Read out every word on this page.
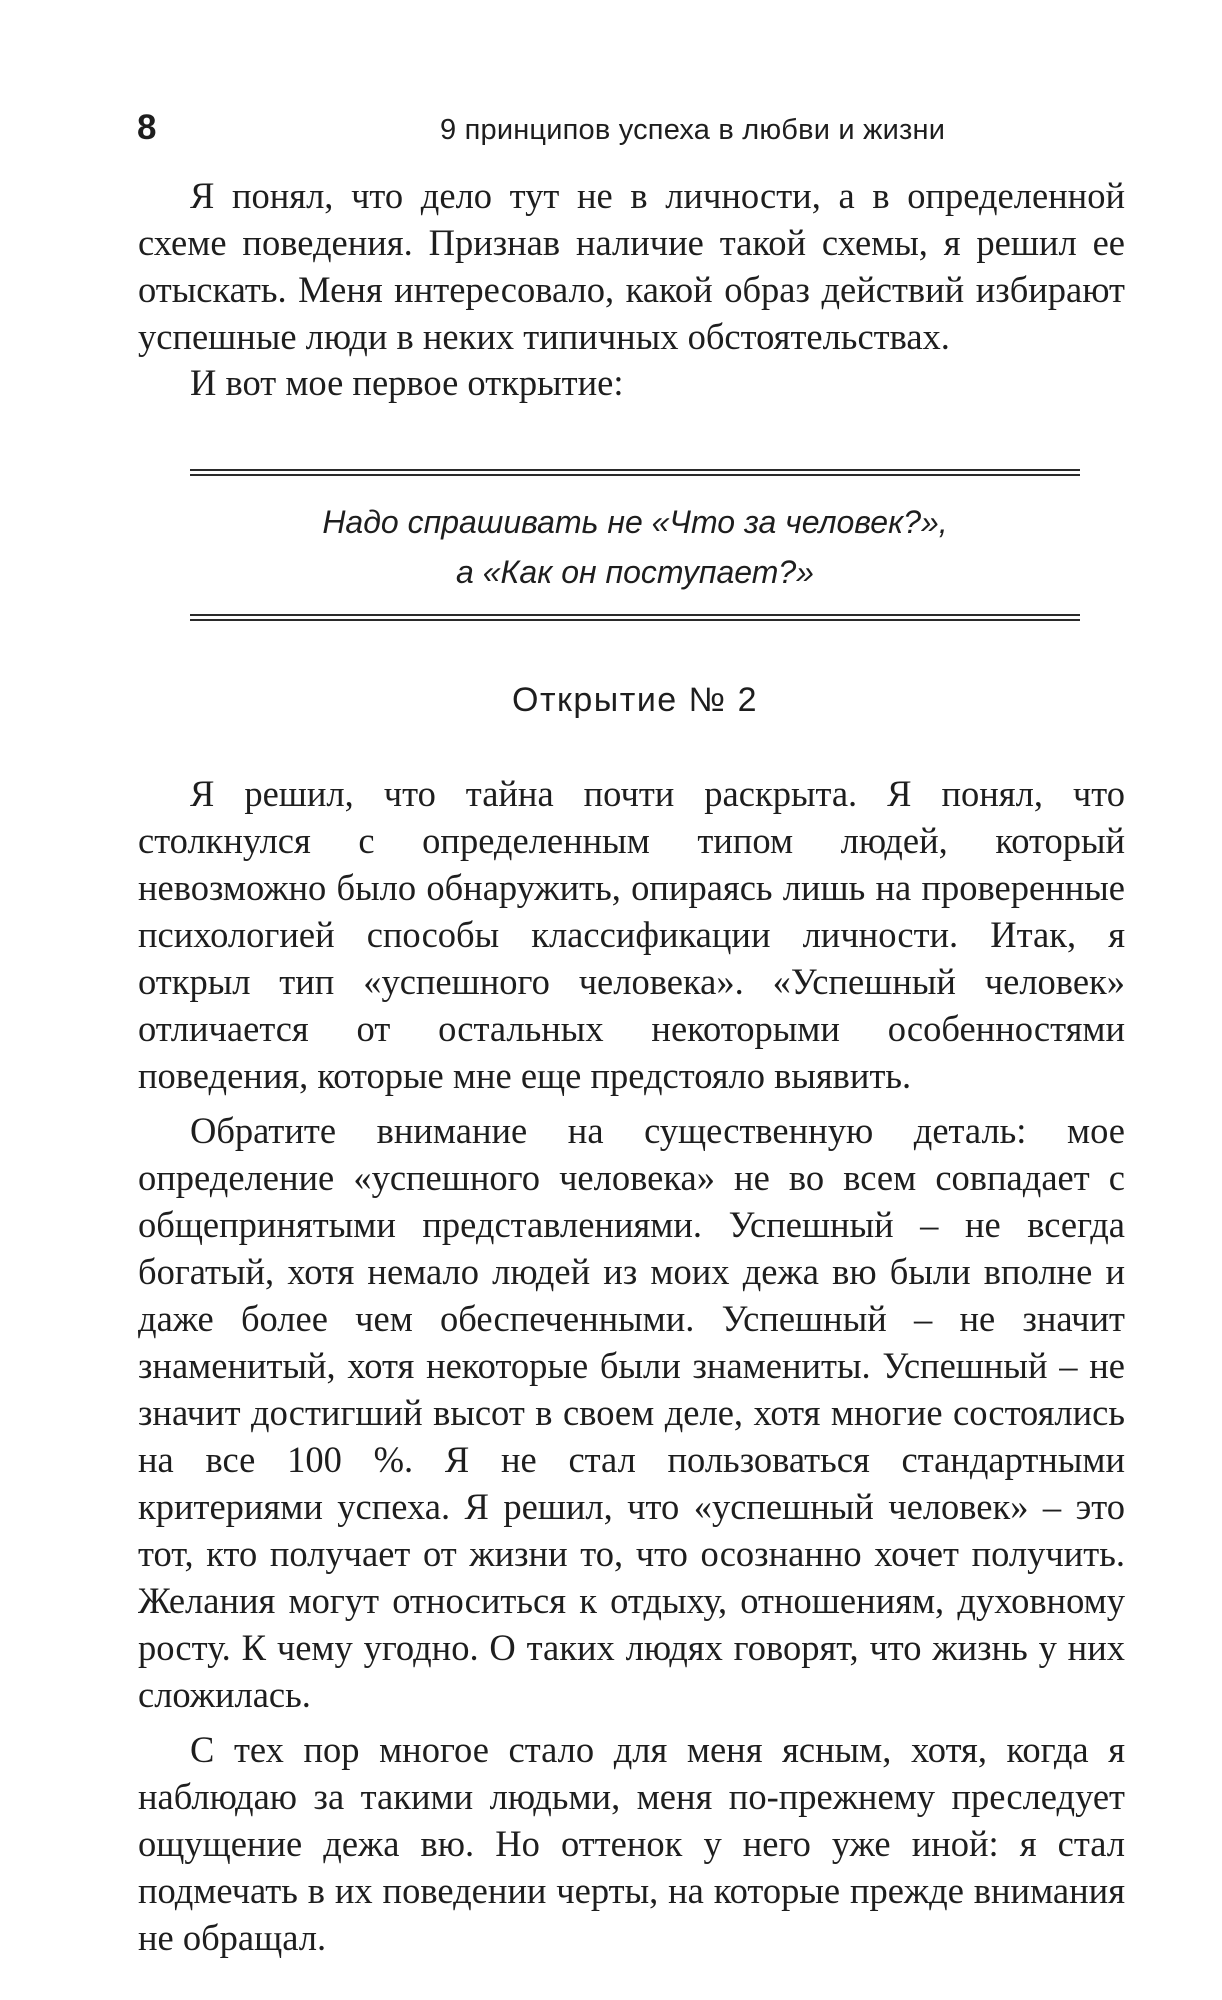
8	9 принципов успеха в любви и жизни

Я понял, что дело тут не в личности, а в определенной схеме поведения. Признав наличие такой схемы, я решил ее отыскать. Меня интересовало, какой образ действий избирают успешные люди в неких типичных обстоятельствах.

И вот мое первое открытие:

Надо спрашивать не «Что за человек?»,
а «Как он поступает?»

Открытие № 2

Я решил, что тайна почти раскрыта. Я понял, что столкнулся с определенным типом людей, который невозможно было обнаружить, опираясь лишь на проверенные психологией способы классификации личности. Итак, я открыл тип «успешного человека». «Успешный человек» отличается от остальных некоторыми особенностями поведения, которые мне еще предстояло выявить.

Обратите внимание на существенную деталь: мое определение «успешного человека» не во всем совпадает с общепринятыми представлениями. Успешный – не всегда богатый, хотя немало людей из моих дежа вю были вполне и даже более чем обеспеченными. Успешный – не значит знаменитый, хотя некоторые были знамениты. Успешный – не значит достигший высот в своем деле, хотя многие состоялись на все 100 %. Я не стал пользоваться стандартными критериями успеха. Я решил, что «успешный человек» – это тот, кто получает от жизни то, что осознанно хочет получить. Желания могут относиться к отдыху, отношениям, духовному росту. К чему угодно. О таких людях говорят, что жизнь у них сложилась.

С тех пор многое стало для меня ясным, хотя, когда я наблюдаю за такими людьми, меня по-прежнему преследует ощущение дежа вю. Но оттенок у него уже иной: я стал подмечать в их поведении черты, на которые прежде внимания не обращал.
